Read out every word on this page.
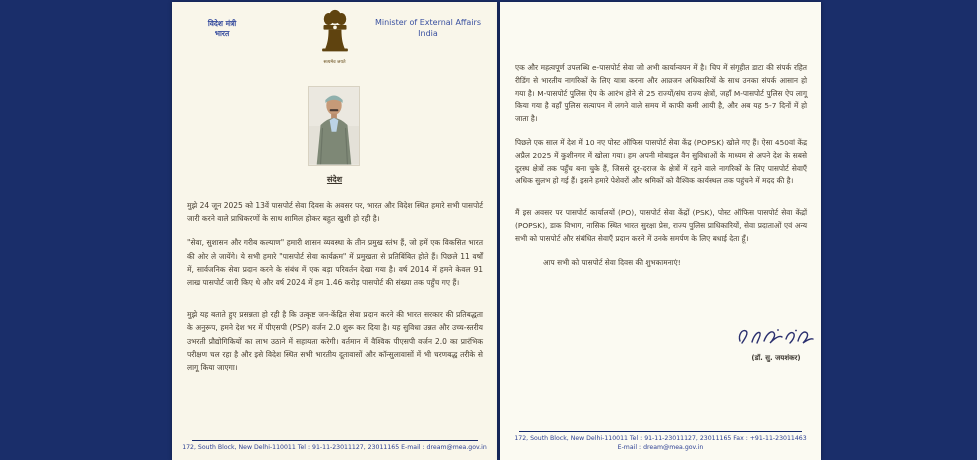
विदेश मंत्री
भारत
सत्यमेव जयते
Minister of External Affairs
India
संदेश

मुझे 24 जून 2025 को 13वें पासपोर्ट सेवा दिवस के अवसर पर, भारत और विदेश स्थित हमारे सभी पासपोर्ट जारी करने वाले प्राधिकरणों के साथ शामिल होकर बहुत खुशी हो रही है।

"सेवा, सुशासन और गरीब कल्याण" हमारी शासन व्यवस्था के तीन प्रमुख स्तंभ हैं, जो हमें एक विकसित भारत की ओर ले जायेंगे। ये सभी हमारे "पासपोर्ट सेवा कार्यक्रम" में प्रमुखता से प्रतिबिंबित होते हैं। पिछले 11 वर्षों में, सार्वजनिक सेवा प्रदान करने के संबंध में एक बड़ा परिवर्तन देखा गया है। वर्ष 2014 में हमने केवल 91 लाख पासपोर्ट जारी किए थे और वर्ष 2024 में हम 1.46 करोड़ पासपोर्ट की संख्या तक पहुँच गए हैं।

मुझे यह बताते हुए प्रसन्नता हो रही है कि उत्कृष्ट जन-केंद्रित सेवा प्रदान करने की भारत सरकार की प्रतिबद्धता के अनुरूप, हमने देश भर में पीएसपी (PSP) वर्जन 2.0 शुरू कर दिया है। यह सुविधा उन्नत और उच्च-स्तरीय उभरती प्रौद्योगिकियों का लाभ उठाने में सहायता करेगी। वर्तमान में वैश्विक पीएसपी वर्जन 2.0 का प्रारंभिक परीक्षण चल रहा है और इसे विदेश स्थित सभी भारतीय दूतावासों और कॉन्सुलावासों में भी चरणबद्ध तरीके से लागू किया जाएगा।

172, South Block, New Delhi-110011 Tel : 91-11-23011127, 23011165 E-mail : dream@mea.gov.in

एक और महत्वपूर्ण उपलब्धि e-पासपोर्ट सेवा जो अभी कार्यान्वयन में है। चिप में संगृहीत डाटा की संपर्क रहित रीडिंग से भारतीय नागरिकों के लिए यात्रा करना और आव्रजन अधिकारियों के साथ उनका संपर्क आसान हो गया है। M-पासपोर्ट पुलिस ऐप के आरंभ होने से 25 राज्यों/संघ राज्य क्षेत्रों, जहाँ M-पासपोर्ट पुलिस ऐप लागू किया गया है वहाँ पुलिस सत्यापन में लगने वाले समय में काफी कमी आयी है, और अब यह 5-7 दिनों में हो जाता है।

पिछले एक साल में देश में 10 नए पोस्ट ऑफिस पासपोर्ट सेवा केंद्र (POPSK) खोले गए हैं। ऐसा 450वां केंद्र अप्रैल 2025 में कुशीनगर में खोला गया। हम अपनी मोबाइल वैन सुविधाओं के माध्यम से अपने देश के सबसे दूरस्थ क्षेत्रों तक पहुँच बना चुके हैं, जिससे दूर-दराज के क्षेत्रों में रहने वाले नागरिकों के लिए पासपोर्ट सेवाएँ अधिक सुलभ हो गई हैं। इसने हमारे पेशेवरों और श्रमिकों को वैश्विक कार्यस्थल तक पहुंचने में मदद की है।

मैं इस अवसर पर पासपोर्ट कार्यालयों (PO), पासपोर्ट सेवा केंद्रों (PSK), पोस्ट ऑफिस पासपोर्ट सेवा केंद्रों (POPSK), डाक विभाग, नासिक स्थित भारत सुरक्षा प्रेस, राज्य पुलिस प्राधिकारियों, सेवा प्रदाताओं एवं अन्य सभी को पासपोर्ट और संबंधित सेवाएँ प्रदान करने में उनके समर्पण के लिए बधाई देता हूँ।

आप सभी को पासपोर्ट सेवा दिवस की शुभकामनाएं!

(डॉ. सु. जयशंकर)
172, South Block, New Delhi-110011 Tel : 91-11-23011127, 23011165 Fax : +91-11-23011463
E-mail : dream@mea.gov.in
